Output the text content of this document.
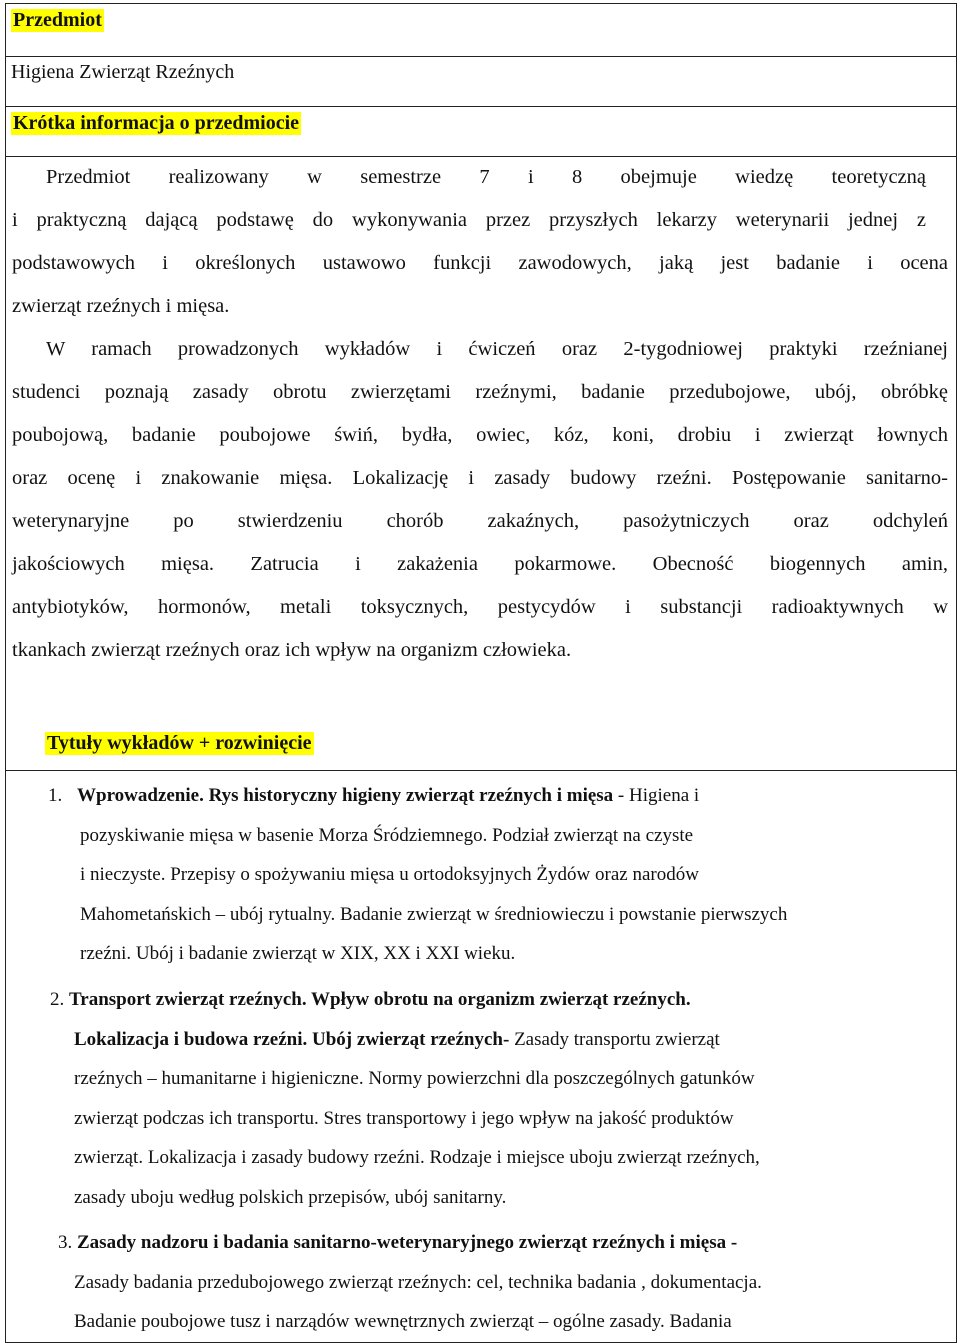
Przedmiot
Higiena Zwierząt Rzeźnych
Krótka informacja o przedmiocie
Przedmiot realizowany w semestrze 7 i 8 obejmuje wiedzę teoretyczną
i praktyczną dającą podstawę do wykonywania przez przyszłych lekarzy weterynarii jednej z
podstawowych i określonych ustawowo funkcji zawodowych, jaką jest badanie i ocena
zwierząt rzeźnych i mięsa.
W ramach prowadzonych wykładów i ćwiczeń oraz 2-tygodniowej praktyki rzeźnianej
studenci poznają zasady obrotu zwierzętami rzeźnymi, badanie przedubojowe, ubój, obróbkę
poubojową, badanie poubojowe świń, bydła, owiec, kóz, koni, drobiu i zwierząt łownych
oraz ocenę i znakowanie mięsa. Lokalizację i zasady budowy rzeźni. Postępowanie sanitarno-
weterynaryjne po stwierdzeniu chorób zakaźnych, pasożytniczych oraz odchyleń
jakościowych mięsa. Zatrucia i zakażenia pokarmowe. Obecność biogennych amin,
antybiotyków, hormonów, metali toksycznych, pestycydów i substancji radioaktywnych w
tkankach zwierząt rzeźnych oraz ich wpływ na organizm człowieka.
Tytuły wykładów + rozwinięcie
1. Wprowadzenie. Rys historyczny higieny zwierząt rzeźnych i mięsa - Higiena i
pozyskiwanie mięsa w basenie Morza Śródziemnego. Podział zwierząt na czyste
i nieczyste. Przepisy o spożywaniu mięsa u ortodoksyjnych Żydów oraz narodów
Mahometańskich – ubój rytualny. Badanie zwierząt w średniowieczu i powstanie pierwszych
rzeźni. Ubój i badanie zwierząt w XIX, XX i XXI wieku.
2. Transport zwierząt rzeźnych. Wpływ obrotu na organizm zwierząt rzeźnych.
Lokalizacja i budowa rzeźni. Ubój zwierząt rzeźnych- Zasady transportu zwierząt
rzeźnych – humanitarne i higieniczne. Normy powierzchni dla poszczególnych gatunków
zwierząt podczas ich transportu. Stres transportowy i jego wpływ na jakość produktów
zwierząt. Lokalizacja i zasady budowy rzeźni. Rodzaje i miejsce uboju zwierząt rzeźnych,
zasady uboju według polskich przepisów, ubój sanitarny.
3. Zasady nadzoru i badania sanitarno-weterynaryjnego zwierząt rzeźnych i mięsa -
Zasady badania przedubojowego zwierząt rzeźnych: cel, technika badania , dokumentacja.
Badanie poubojowe tusz i narządów wewnętrznych zwierząt – ogólne zasady. Badania
